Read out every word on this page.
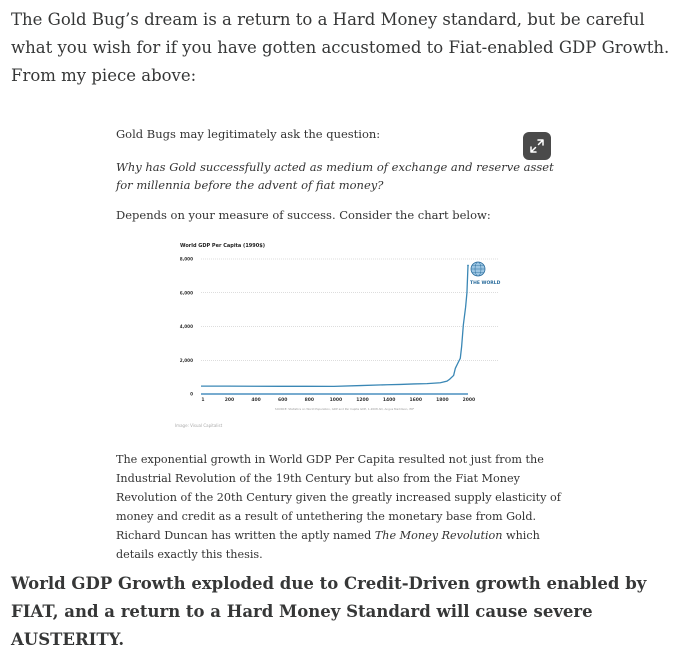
The Gold Bug’s dream is a return to a Hard Money standard, but be careful what you wish for if you have gotten accustomed to Fiat-enabled GDP Growth. From my piece above:

Gold Bugs may legitimately ask the question:

Why has Gold successfully acted as medium of exchange and reserve asset for millennia before the advent of fiat money?

Depends on your measure of success. Consider the chart below:

World GDP Per Capita (1990$)
0
2,000
4,000
6,000
8,000
1	200	400	600	800	1000	1200	1400	1600	1800	2000
THE WORLD
SOURCE: Statistics on World Population, GDP and Per Capita GDP, 1-2008 AD, Angus Maddison, IMF
Image: Visual Capitalist

The exponential growth in World GDP Per Capita resulted not just from the Industrial Revolution of the 19th Century but also from the Fiat Money Revolution of the 20th Century given the greatly increased supply elasticity of money and credit as a result of untethering the monetary base from Gold. Richard Duncan has written the aptly named The Money Revolution which details exactly this thesis.

World GDP Growth exploded due to Credit-Driven growth enabled by FIAT, and a return to a Hard Money Standard will cause severe AUSTERITY.
